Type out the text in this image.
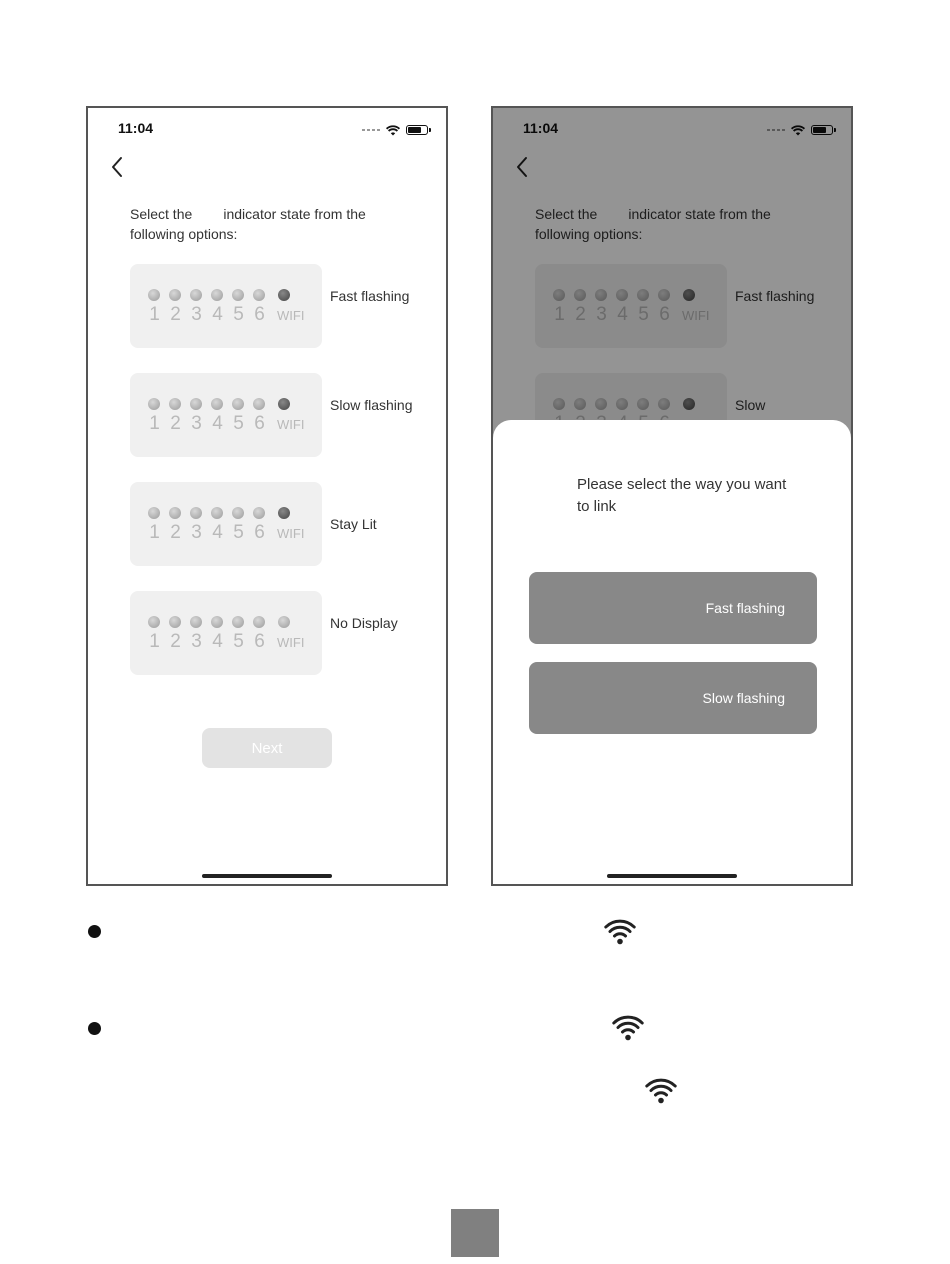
11:04

Select the        indicator state from the following options:

1 2 3 4 5 6 WIFI
Fast flashing
1 2 3 4 5 6 WIFI
Slow flashing
1 2 3 4 5 6 WIFI
Stay Lit
1 2 3 4 5 6 WIFI
No Display
Next
11:04

Select the        indicator state from the following options:

1 2 3 4 5 6 WIFI
Fast flashing
Slow

Please select the way you want to link

Fast flashing
Slow flashing
